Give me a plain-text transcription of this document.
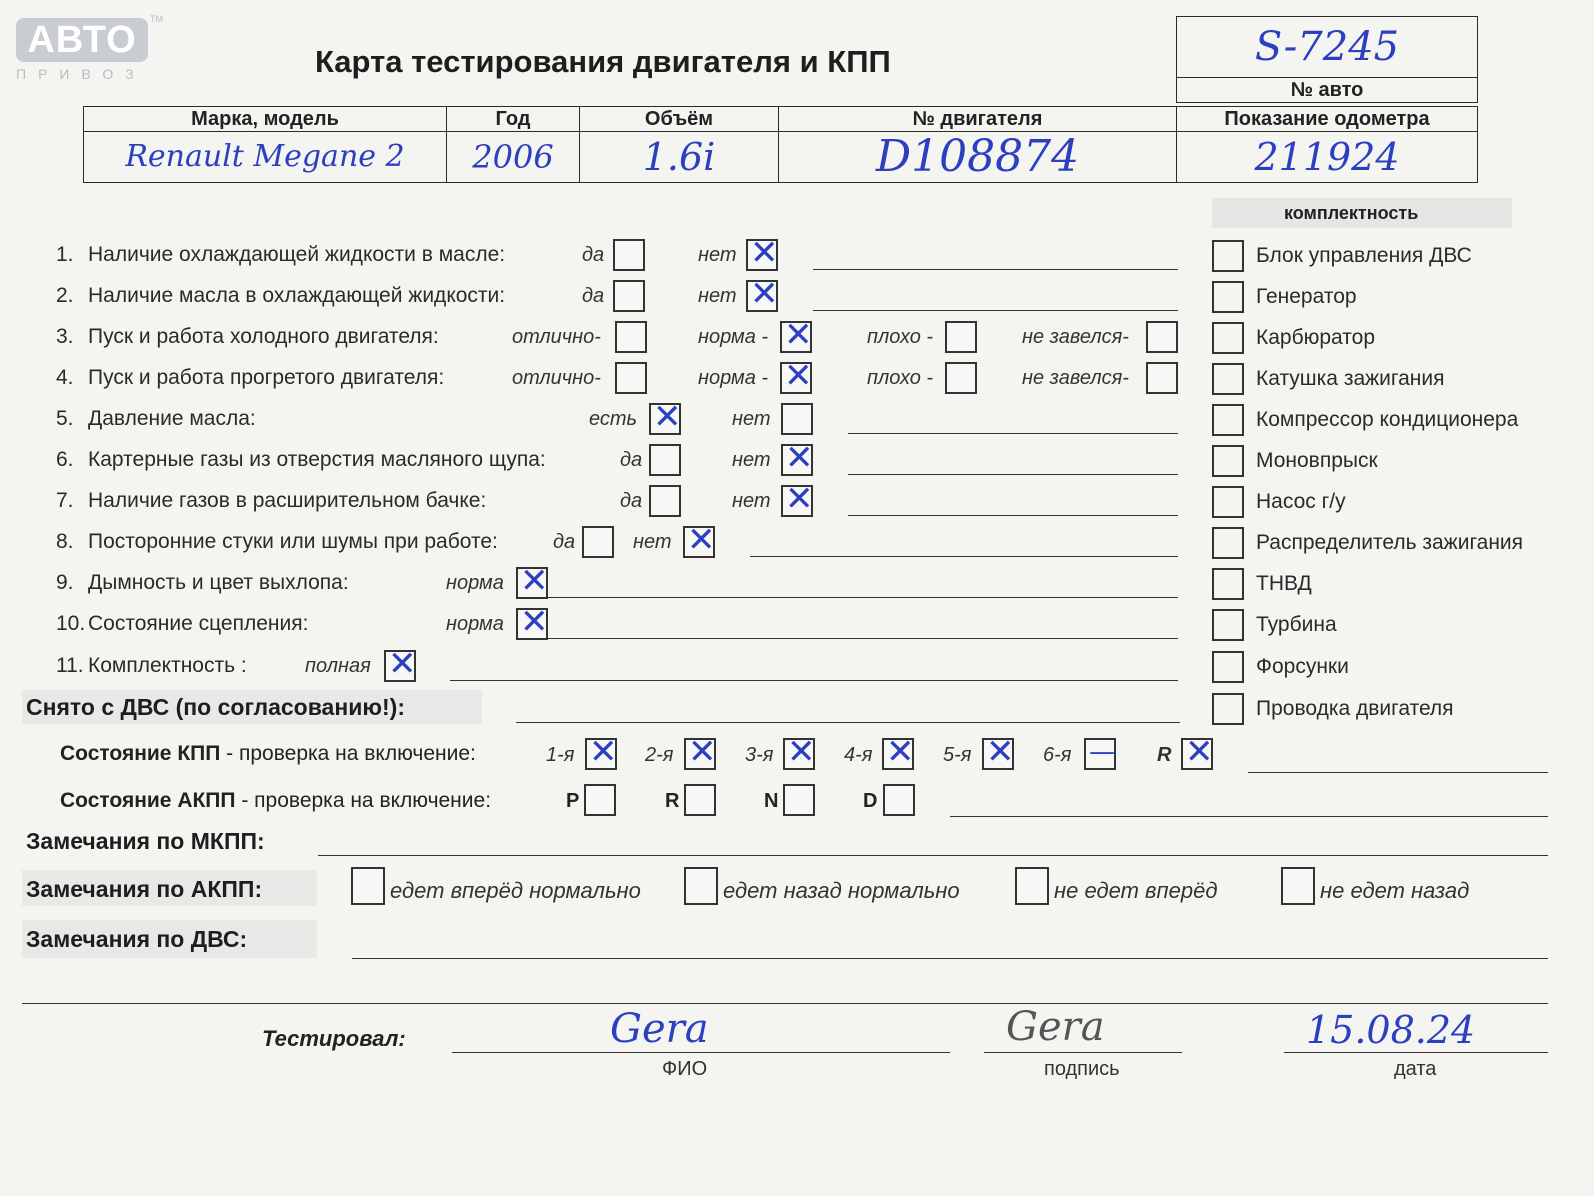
АВТО
ПРИВОЗ
TM
Карта тестирования двигателя и КПП	S-7245
№ авто
Марка, модель	Год	Объём	№ двигателя	Показание одометра
Renault Megane 2	2006	1.6i	D108874	211924
комплектность
Блок управления ДВС
Генератор
Карбюратор
Катушка зажигания
Компрессор кондиционера
Моновпрыск
Насос г/у
Распределитель зажигания
ТНВД
Турбина
Форсунки
Проводка двигателя
1. Наличие охлаждающей жидкости в масле:	да	нет ✕
2. Наличие масла в охлаждающей жидкости:	да	нет ✕
3. Пуск и работа холодного двигателя:	отлично-	норма - ✕	плохо -	не завелся-
4. Пуск и работа прогретого двигателя:	отлично-	норма - ✕	плохо -	не завелся-
5. Давление масла:	есть ✕	нет
6. Картерные газы из отверстия масляного щупа:	да	нет ✕
7. Наличие газов в расширительном бачке:	да	нет ✕
8. Посторонние стуки или шумы при работе:	да	нет ✕
9. Дымность и цвет выхлопа:	норма ✕
10. Состояние сцепления:	норма ✕
11. Комплектность :	полная ✕
Снято с ДВС (по согласованию!):
Состояние КПП - проверка на включение:	1-я ✕ 2-я ✕ 3-я ✕ 4-я ✕ 5-я ✕ 6-я — R ✕
Состояние АКПП - проверка на включение:	P	R	N	D
Замечания по МКПП:
Замечания по АКПП:	едет вперёд нормально	едет назад нормально	не едет вперёд	не едет назад
Замечания по ДВС:
Тестировал:	Gera
ФИО
Gera
подпись
15.08.24
дата
